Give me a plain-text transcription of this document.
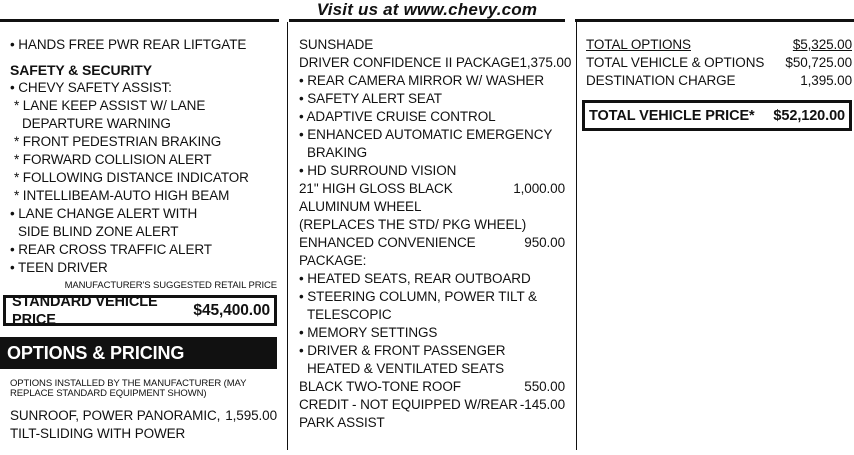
Visit us at www.chevy.com
• HANDS FREE PWR REAR LIFTGATE
SAFETY & SECURITY
• CHEVY SAFETY ASSIST:
* LANE KEEP ASSIST W/ LANE
DEPARTURE WARNING
* FRONT PEDESTRIAN BRAKING
* FORWARD COLLISION ALERT
* FOLLOWING DISTANCE INDICATOR
* INTELLIBEAM-AUTO HIGH BEAM
• LANE CHANGE ALERT WITH
SIDE BLIND ZONE ALERT
• REAR CROSS TRAFFIC ALERT
• TEEN DRIVER
MANUFACTURER'S SUGGESTED RETAIL PRICE
STANDARD VEHICLE PRICE
$45,400.00
OPTIONS & PRICING
OPTIONS INSTALLED BY THE MANUFACTURER (MAY REPLACE STANDARD EQUIPMENT SHOWN)
SUNROOF, POWER PANORAMIC, 1,595.00
TILT-SLIDING WITH POWER
SUNSHADE
DRIVER CONFIDENCE II PACKAGE 1,375.00
• REAR CAMERA MIRROR W/ WASHER
• SAFETY ALERT SEAT
• ADAPTIVE CRUISE CONTROL
• ENHANCED AUTOMATIC EMERGENCY
BRAKING
• HD SURROUND VISION
21" HIGH GLOSS BLACK	1,000.00
ALUMINUM WHEEL
(REPLACES THE STD/ PKG WHEEL)
ENHANCED CONVENIENCE	950.00
PACKAGE:
• HEATED SEATS, REAR OUTBOARD
• STEERING COLUMN, POWER TILT &
TELESCOPIC
• MEMORY SETTINGS
• DRIVER & FRONT PASSENGER
HEATED & VENTILATED SEATS
BLACK TWO-TONE ROOF	550.00
CREDIT - NOT EQUIPPED W/REAR -145.00
PARK ASSIST
TOTAL OPTIONS	$5,325.00
TOTAL VEHICLE & OPTIONS $50,725.00
DESTINATION CHARGE	1,395.00
TOTAL VEHICLE PRICE* $52,120.00
